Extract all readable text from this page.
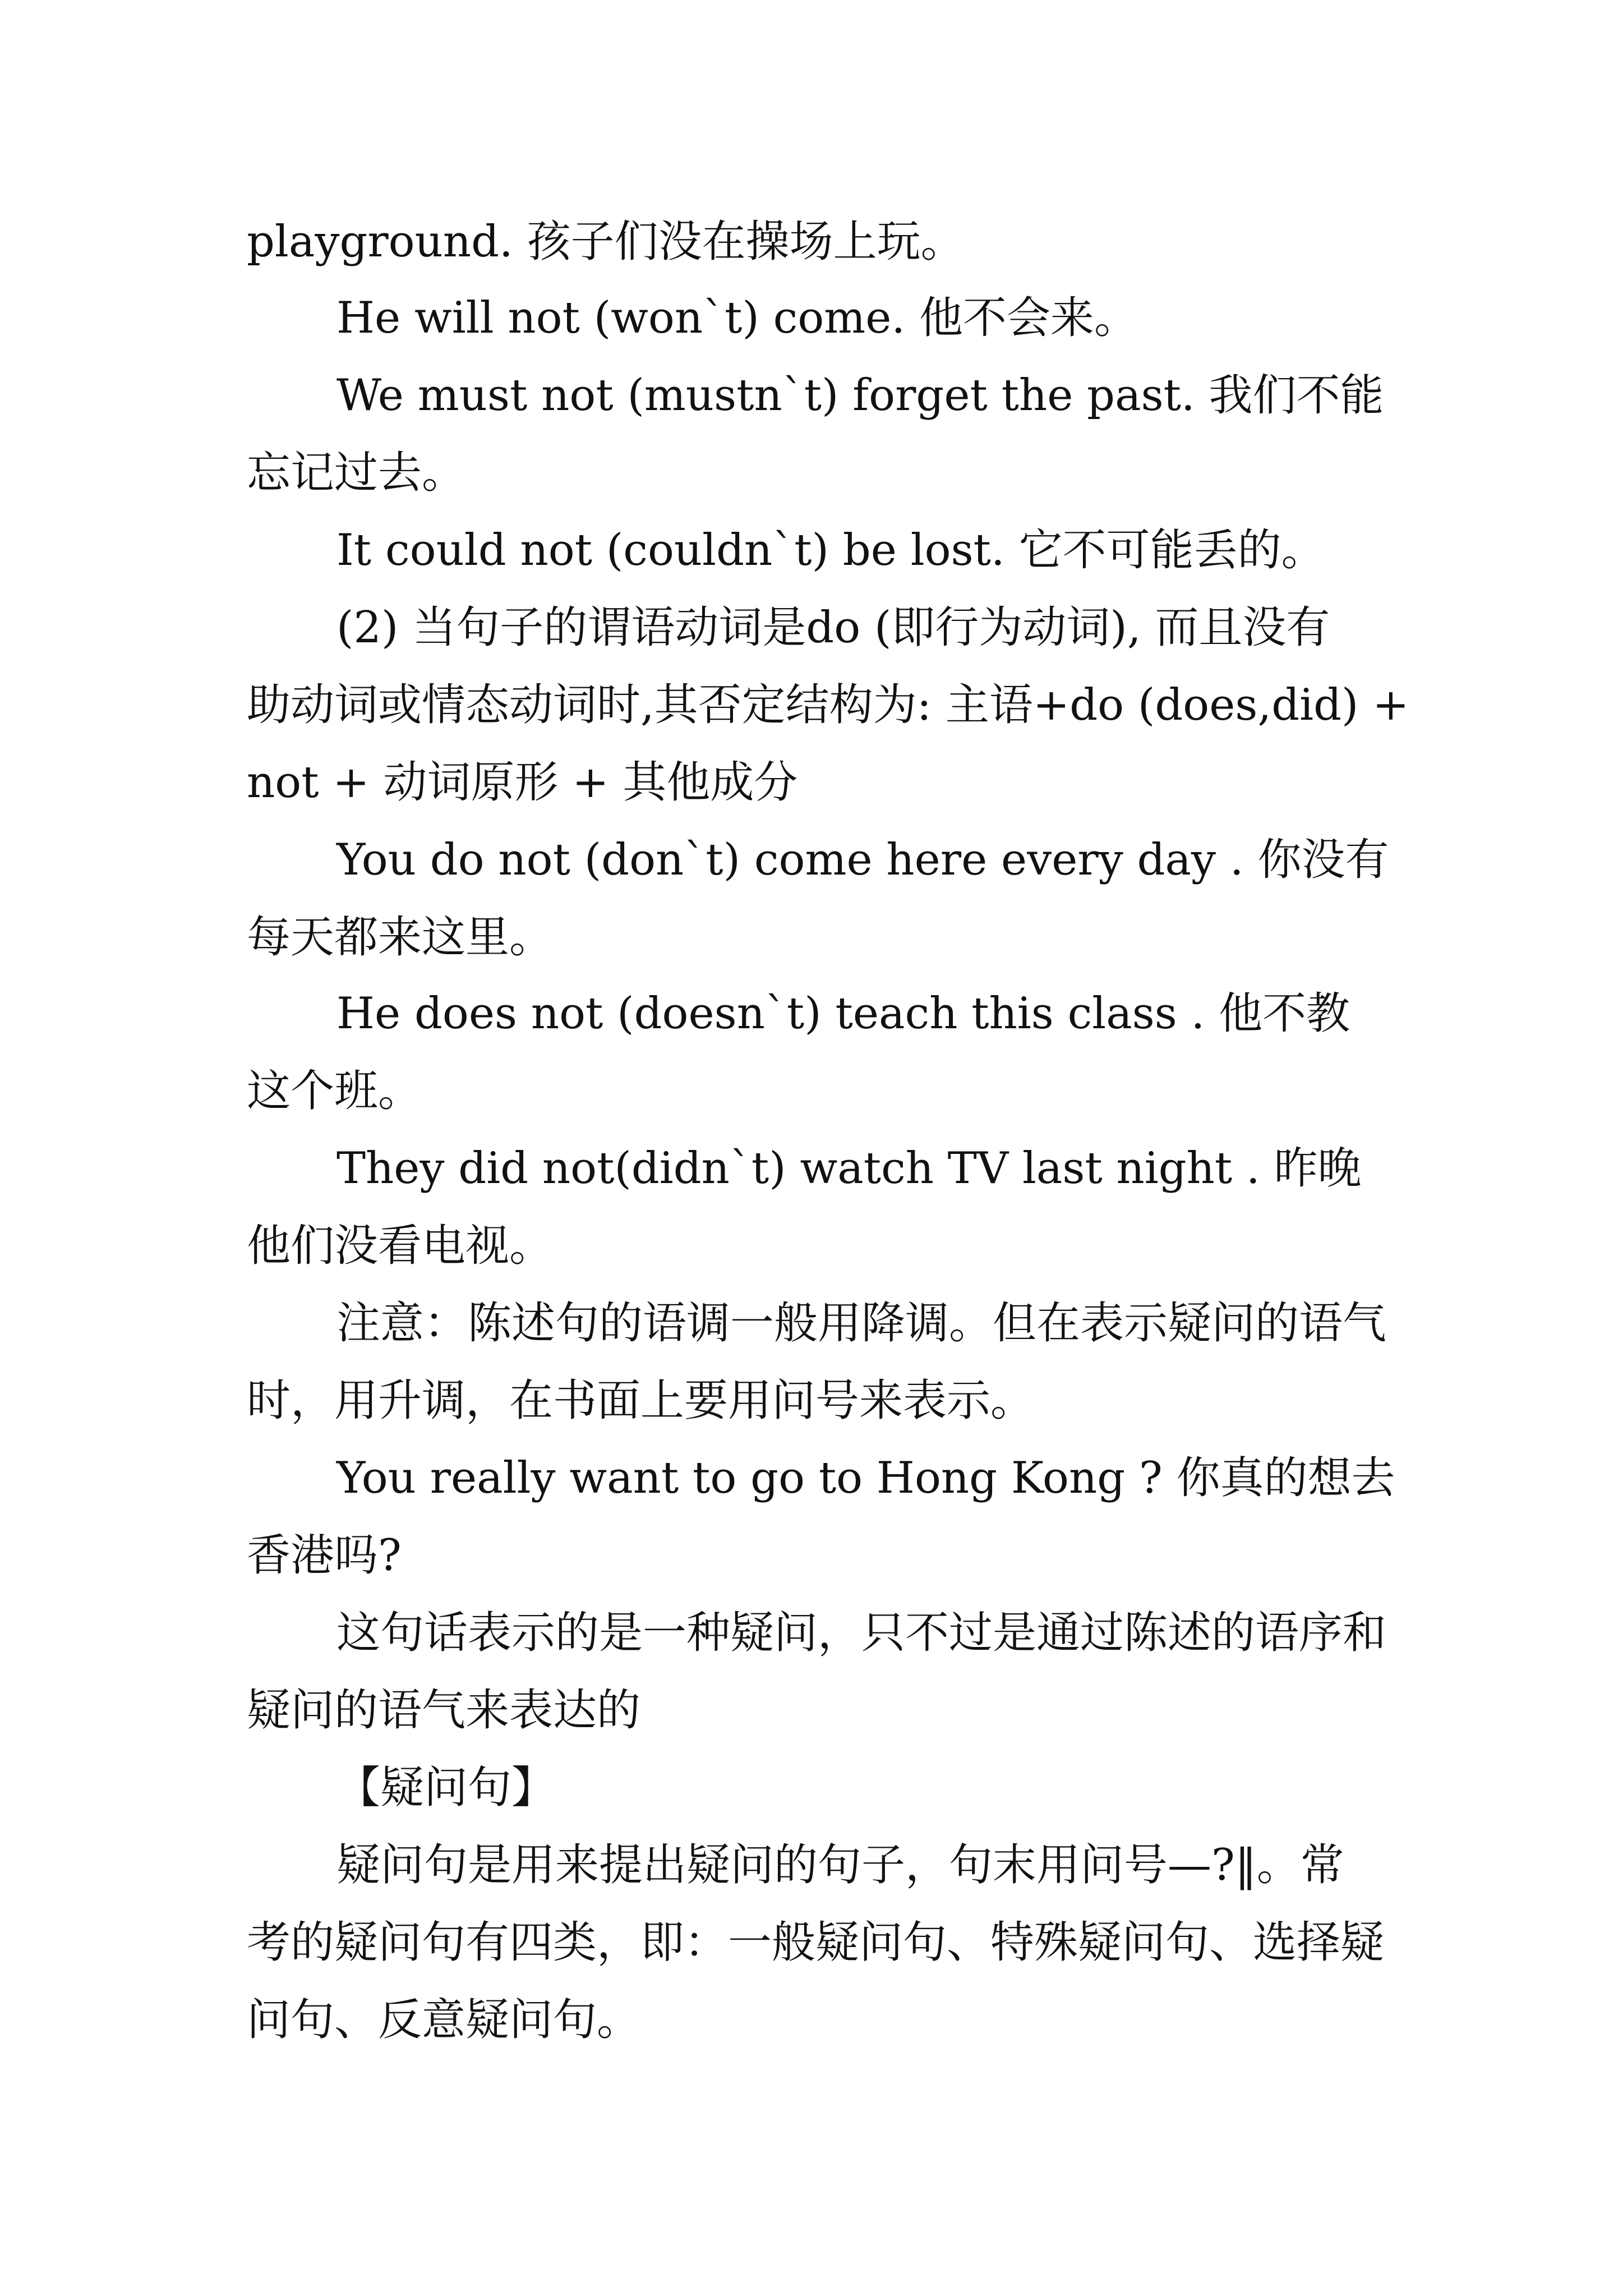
playground. 孩子们没在操场上玩。
He will not (won`t) come. 他不会来。
We must not (mustn`t) forget the past. 我们不能
忘记过去。
It could not (couldn`t) be lost. 它不可能丢的。
(2) 当句子的谓语动词是do (即行为动词), 而且没有
助动词或情态动词时,其否定结构为: 主语+do (does,did) +
not + 动词原形 + 其他成分
You do not (don`t) come here every day . 你没有
每天都来这里。
He does not (doesn`t) teach this class . 他不教
这个班。
They did not(didn`t) watch TV last night . 昨晚
他们没看电视。
注意：陈述句的语调一般用降调。但在表示疑问的语气
时，用升调，在书面上要用问号来表示。
You really want to go to Hong Kong ? 你真的想去
香港吗?
这句话表示的是一种疑问，只不过是通过陈述的语序和
疑问的语气来表达的
【疑问句】
疑问句是用来提出疑问的句子，句末用问号—?‖。常
考的疑问句有四类，即：一般疑问句、特殊疑问句、选择疑
问句、反意疑问句。
